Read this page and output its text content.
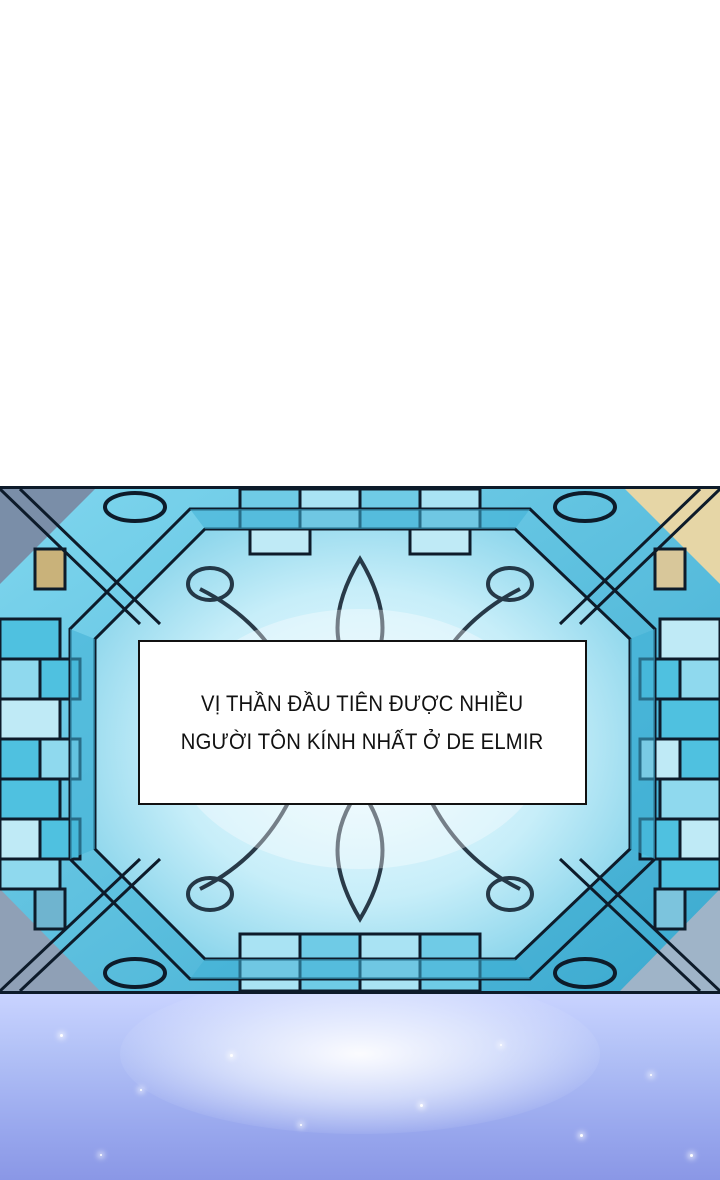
VỊ THẦN ĐẦU TIÊN ĐƯỢC NHIỀU
NGƯỜI TÔN KÍNH NHẤT Ở DE ELMIR
